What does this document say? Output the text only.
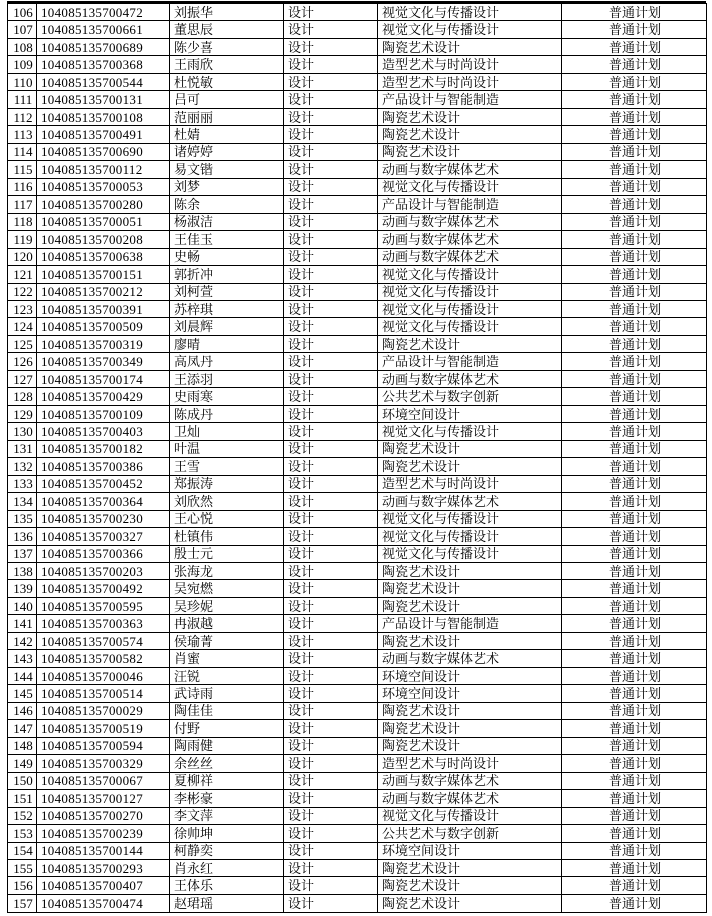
106	104085135700472	刘振华	设计	视觉文化与传播设计	普通计划
107	104085135700661	董思辰	设计	视觉文化与传播设计	普通计划
108	104085135700689	陈少喜	设计	陶瓷艺术设计	普通计划
109	104085135700368	王雨欣	设计	造型艺术与时尚设计	普通计划
110	104085135700544	杜悦敏	设计	造型艺术与时尚设计	普通计划
111	104085135700131	吕可	设计	产品设计与智能制造	普通计划
112	104085135700108	范丽丽	设计	陶瓷艺术设计	普通计划
113	104085135700491	杜婧	设计	陶瓷艺术设计	普通计划
114	104085135700690	诸婷婷	设计	陶瓷艺术设计	普通计划
115	104085135700112	易文锴	设计	动画与数字媒体艺术	普通计划
116	104085135700053	刘梦	设计	视觉文化与传播设计	普通计划
117	104085135700280	陈余	设计	产品设计与智能制造	普通计划
118	104085135700051	杨淑洁	设计	动画与数字媒体艺术	普通计划
119	104085135700208	王佳玉	设计	动画与数字媒体艺术	普通计划
120	104085135700638	史畅	设计	动画与数字媒体艺术	普通计划
121	104085135700151	郭折冲	设计	视觉文化与传播设计	普通计划
122	104085135700212	刘柯萱	设计	视觉文化与传播设计	普通计划
123	104085135700391	苏梓琪	设计	视觉文化与传播设计	普通计划
124	104085135700509	刘晨辉	设计	视觉文化与传播设计	普通计划
125	104085135700319	廖晴	设计	陶瓷艺术设计	普通计划
126	104085135700349	高凤丹	设计	产品设计与智能制造	普通计划
127	104085135700174	王添羽	设计	动画与数字媒体艺术	普通计划
128	104085135700429	史雨寒	设计	公共艺术与数字创新	普通计划
129	104085135700109	陈成丹	设计	环境空间设计	普通计划
130	104085135700403	卫灿	设计	视觉文化与传播设计	普通计划
131	104085135700182	叶温	设计	陶瓷艺术设计	普通计划
132	104085135700386	王雪	设计	陶瓷艺术设计	普通计划
133	104085135700452	郑振涛	设计	造型艺术与时尚设计	普通计划
134	104085135700364	刘欣然	设计	动画与数字媒体艺术	普通计划
135	104085135700230	王心悦	设计	视觉文化与传播设计	普通计划
136	104085135700327	杜镇伟	设计	视觉文化与传播设计	普通计划
137	104085135700366	殷士元	设计	视觉文化与传播设计	普通计划
138	104085135700203	张海龙	设计	陶瓷艺术设计	普通计划
139	104085135700492	吴宛燃	设计	陶瓷艺术设计	普通计划
140	104085135700595	吴珍妮	设计	陶瓷艺术设计	普通计划
141	104085135700363	冉淑越	设计	产品设计与智能制造	普通计划
142	104085135700574	侯瑜菁	设计	陶瓷艺术设计	普通计划
143	104085135700582	肖蜜	设计	动画与数字媒体艺术	普通计划
144	104085135700046	汪锐	设计	环境空间设计	普通计划
145	104085135700514	武诗雨	设计	环境空间设计	普通计划
146	104085135700029	陶佳佳	设计	陶瓷艺术设计	普通计划
147	104085135700519	付野	设计	陶瓷艺术设计	普通计划
148	104085135700594	陶雨健	设计	陶瓷艺术设计	普通计划
149	104085135700329	余丝丝	设计	造型艺术与时尚设计	普通计划
150	104085135700067	夏柳祥	设计	动画与数字媒体艺术	普通计划
151	104085135700127	李彬豪	设计	动画与数字媒体艺术	普通计划
152	104085135700270	李文萍	设计	视觉文化与传播设计	普通计划
153	104085135700239	徐帅坤	设计	公共艺术与数字创新	普通计划
154	104085135700144	柯静奕	设计	环境空间设计	普通计划
155	104085135700293	肖永红	设计	陶瓷艺术设计	普通计划
156	104085135700407	王体乐	设计	陶瓷艺术设计	普通计划
157	104085135700474	赵珺瑶	设计	陶瓷艺术设计	普通计划
